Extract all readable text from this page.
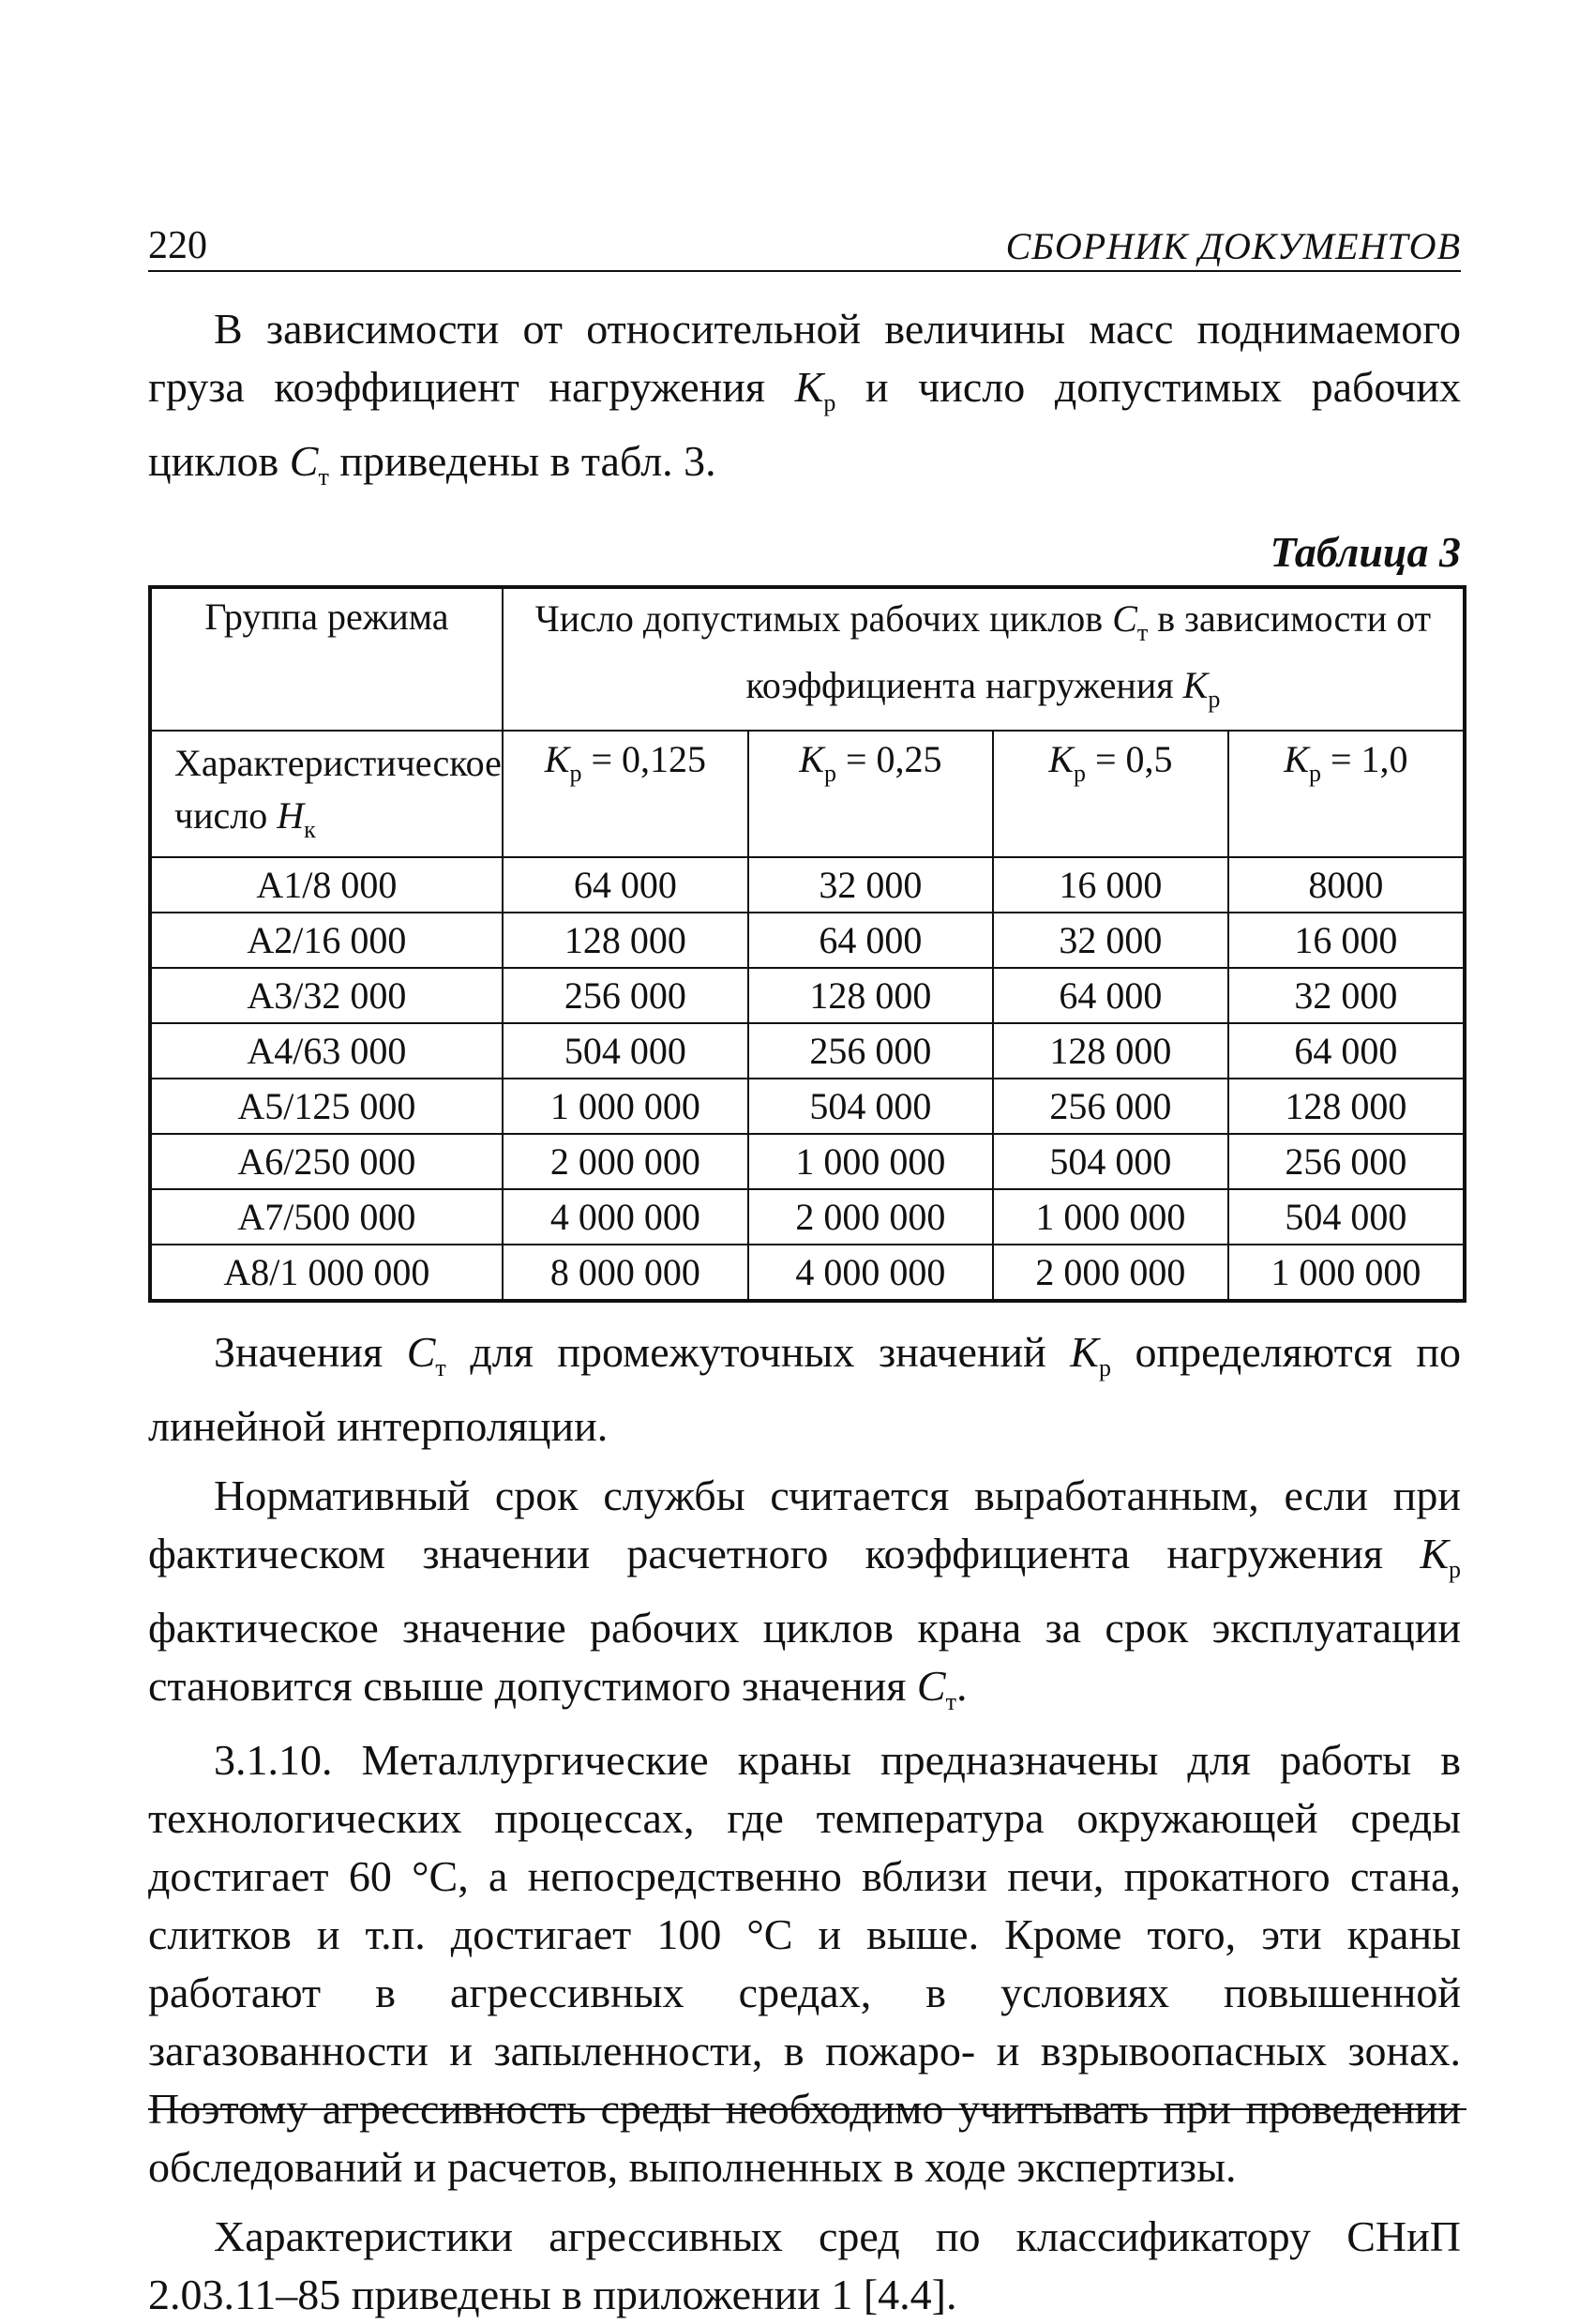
220	СБОРНИК ДОКУМЕНТОВ

В зависимости от относительной величины масс поднимаемого груза коэффициент нагружения $K_р$ и число допустимых рабочих циклов $C_т$ приведены в табл. 3.

Таблица 3
Группа режима	Число допустимых рабочих циклов $C_т$ в зависимости от коэффициента нагружения $K_р$
Характеристическое число $H_к$	$K_р = 0,125$	$K_р = 0,25$	$K_р = 0,5$	$K_р = 1,0$
A1/8 000	64 000	32 000	16 000	8000
A2/16 000	128 000	64 000	32 000	16 000
A3/32 000	256 000	128 000	64 000	32 000
A4/63 000	504 000	256 000	128 000	64 000
A5/125 000	1 000 000	504 000	256 000	128 000
A6/250 000	2 000 000	1 000 000	504 000	256 000
A7/500 000	4 000 000	2 000 000	1 000 000	504 000
A8/1 000 000	8 000 000	4 000 000	2 000 000	1 000 000

Значения $C_т$ для промежуточных значений $K_р$ определяются по линейной интерполяции.

Нормативный срок службы считается выработанным, если при фактическом значении расчетного коэффициента нагружения $K_р$ фактическое значение рабочих циклов крана за срок эксплуатации становится свыше допустимого значения $C_т$.

3.1.10. Металлургические краны предназначены для работы в технологических процессах, где температура окружающей среды достигает 60 °С, а непосредственно вблизи печи, прокатного стана, слитков и т.п. достигает 100 °С и выше. Кроме того, эти краны работают в агрессивных средах, в условиях повышенной загазованности и запыленности, в пожаро- и взрывоопасных зонах. Поэтому агрессивность среды необходимо учитывать при проведении обследований и расчетов, выполненных в ходе экспертизы.

Характеристики агрессивных сред по классификатору СНиП 2.03.11–85 приведены в приложении 1 [4.4].
